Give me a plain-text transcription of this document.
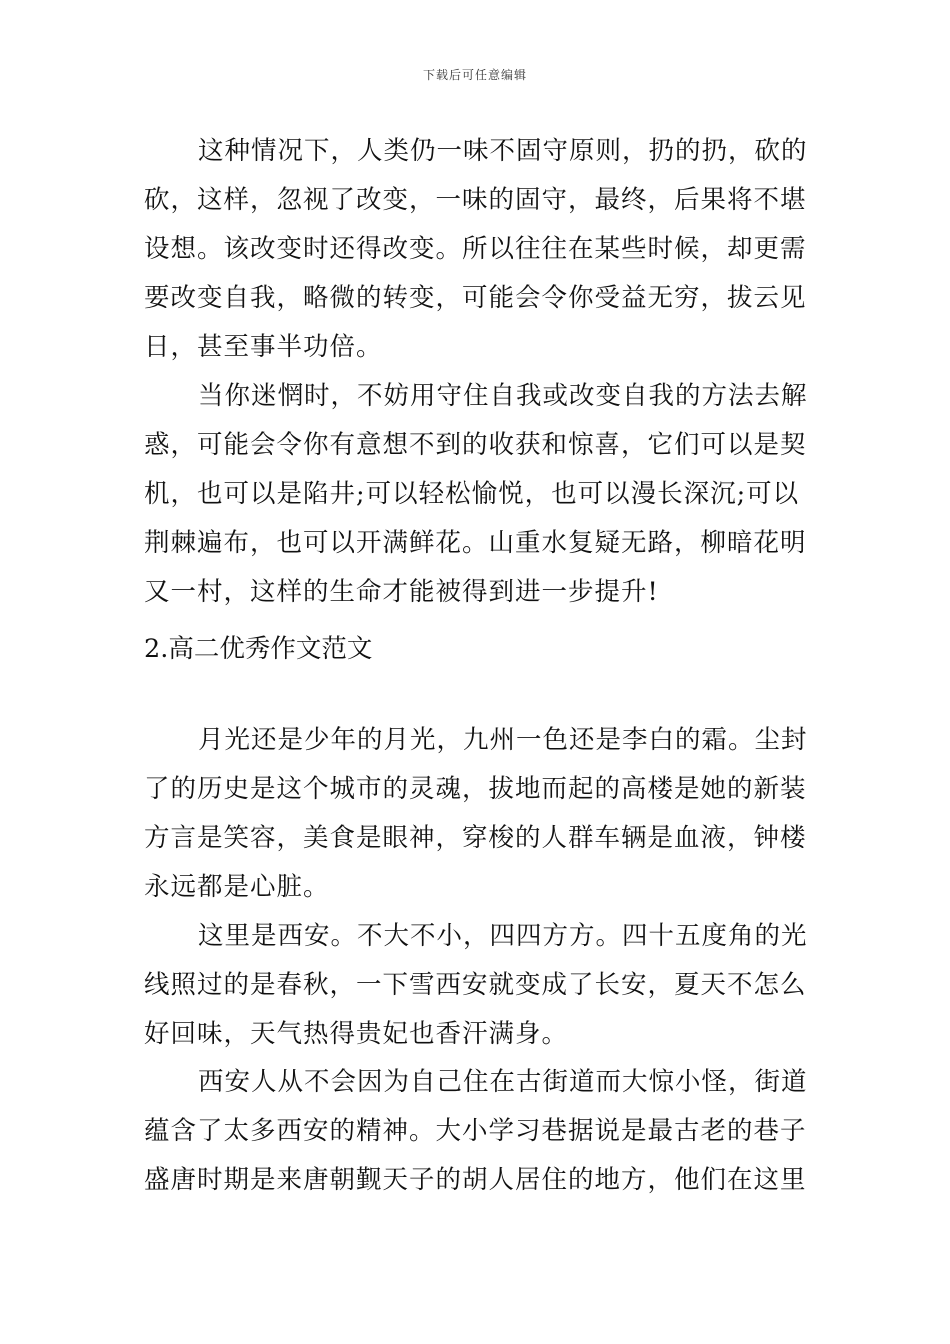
下载后可任意编辑
这种情况下，人类仍一味不固守原则，扔的扔，砍的
砍，这样，忽视了改变，一味的固守，最终，后果将不堪
设想。该改变时还得改变。所以往往在某些时候，却更需
要改变自我，略微的转变，可能会令你受益无穷，拔云见
日，甚至事半功倍。
当你迷惘时，不妨用守住自我或改变自我的方法去解
惑，可能会令你有意想不到的收获和惊喜，它们可以是契
机，也可以是陷井;可以轻松愉悦，也可以漫长深沉;可以
荆棘遍布，也可以开满鲜花。山重水复疑无路，柳暗花明
又一村，这样的生命才能被得到进一步提升!
2.高二优秀作文范文
月光还是少年的月光，九州一色还是李白的霜。尘封
了的历史是这个城市的灵魂，拔地而起的高楼是她的新装
方言是笑容，美食是眼神，穿梭的人群车辆是血液，钟楼
永远都是心脏。
这里是西安。不大不小，四四方方。四十五度角的光
线照过的是春秋，一下雪西安就变成了长安，夏天不怎么
好回味，天气热得贵妃也香汗满身。
西安人从不会因为自己住在古街道而大惊小怪，街道
蕴含了太多西安的精神。大小学习巷据说是最古老的巷子
盛唐时期是来唐朝觐天子的胡人居住的地方，他们在这里
